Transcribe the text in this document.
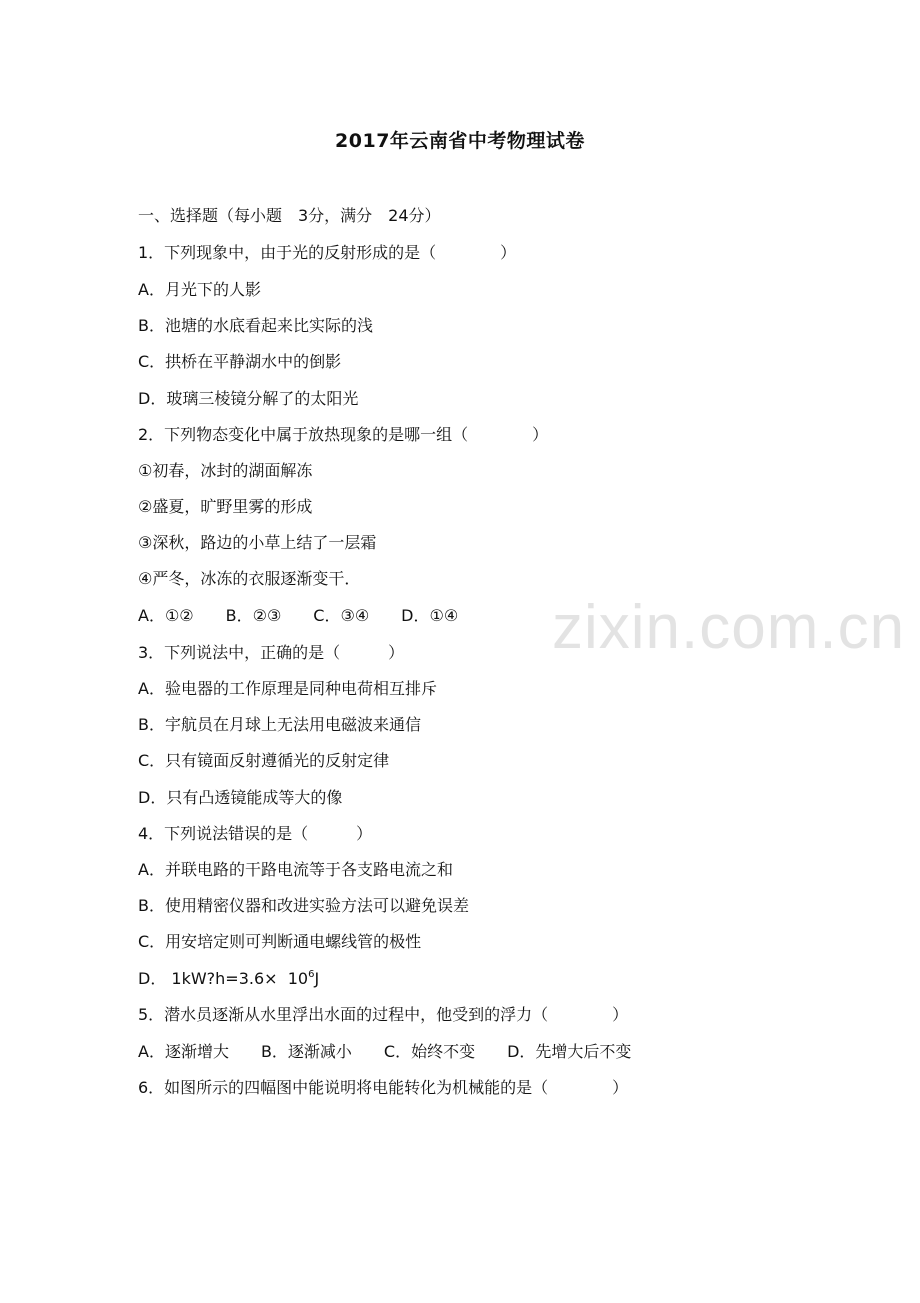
zixin.com.cn
2017年云南省中考物理试卷
一、选择题（每小题　3分，满分　24分）
1．下列现象中，由于光的反射形成的是（　　　　）
A．月光下的人影
B．池塘的水底看起来比实际的浅
C．拱桥在平静湖水中的倒影
D．玻璃三棱镜分解了的太阳光
2．下列物态变化中属于放热现象的是哪一组（　　　　）
①初春，冰封的湖面解冻
②盛夏，旷野里雾的形成
③深秋，路边的小草上结了一层霜
④严冬，冰冻的衣服逐渐变干．
A．①②　　B．②③　　C．③④　　D．①④
3．下列说法中，正确的是（　　　）
A．验电器的工作原理是同种电荷相互排斥
B．宇航员在月球上无法用电磁波来通信
C．只有镜面反射遵循光的反射定律
D．只有凸透镜能成等大的像
4．下列说法错误的是（　　　）
A．并联电路的干路电流等于各支路电流之和
B．使用精密仪器和改进实验方法可以避免误差
C．用安培定则可判断通电螺线管的极性
D． 1kW?h=3.6×  $10^6J$
5．潜水员逐渐从水里浮出水面的过程中，他受到的浮力（　　　　）
A．逐渐增大　　B．逐渐减小　　C．始终不变　　D．先增大后不变
6．如图所示的四幅图中能说明将电能转化为机械能的是（　　　　）
